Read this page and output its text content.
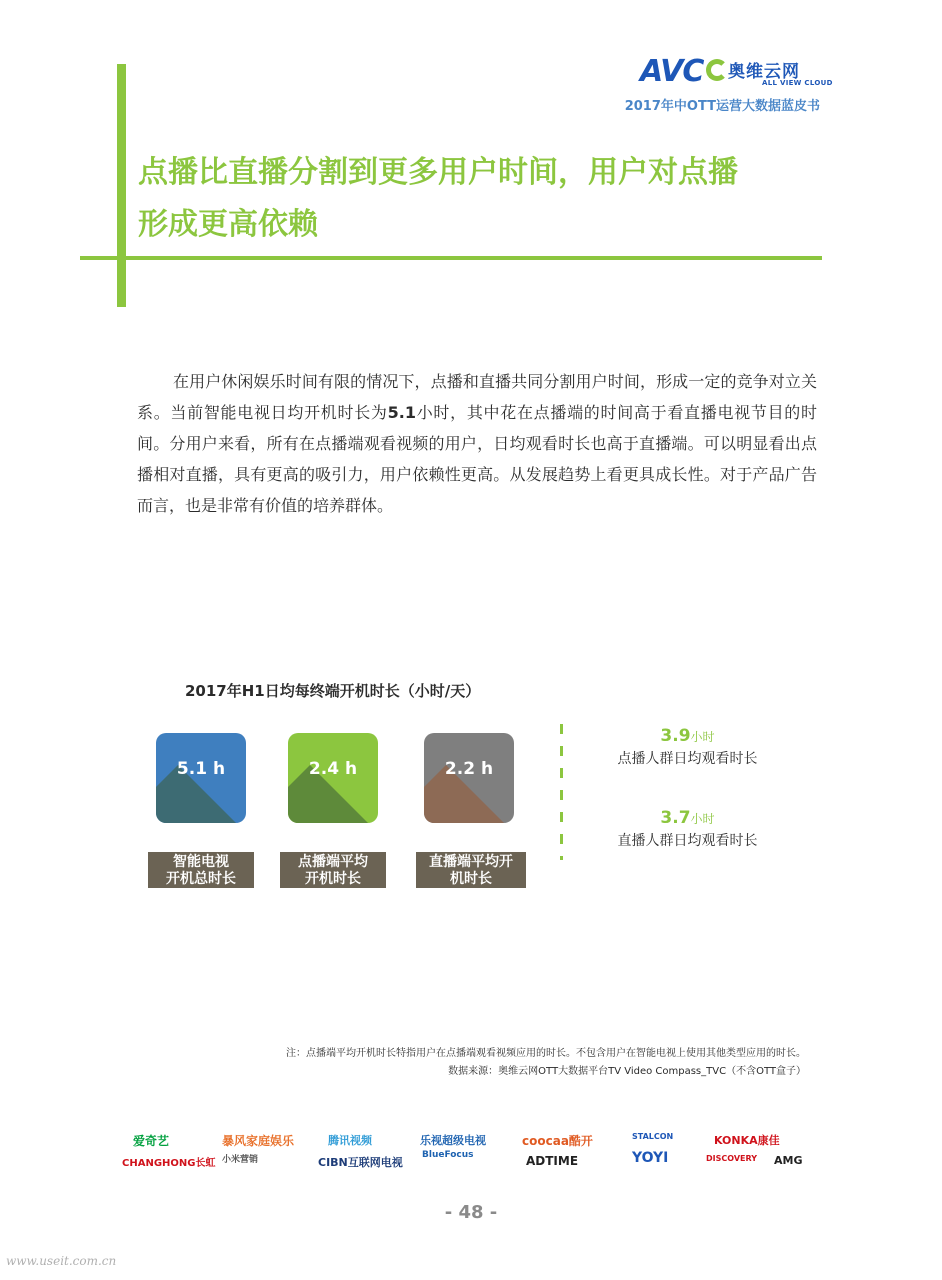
AVC 奥维云网
ALL VIEW CLOUD
2017年中OTT运营大数据蓝皮书
点播比直播分割到更多用户时间，用户对点播
形成更高依赖

在用户休闲娱乐时间有限的情况下，点播和直播共同分割用户时间，形成一定的竞争对立关系。当前智能电视日均开机时长为5.1小时，其中花在点播端的时间高于看直播电视节目的时间。分用户来看，所有在点播端观看视频的用户，日均观看时长也高于直播端。可以明显看出点播相对直播，具有更高的吸引力，用户依赖性更高。从发展趋势上看更具成长性。对于产品广告而言，也是非常有价值的培养群体。

2017年H1日均每终端开机时长（小时/天）
5.1 h
智能电视
开机总时长
2.4 h
点播端平均
开机时长
2.2 h
直播端平均开
机时长
3.9小时
点播人群日均观看时长
3.7小时
直播人群日均观看时长
注：点播端平均开机时长特指用户在点播端观看视频应用的时长。不包含用户在智能电视上使用其他类型应用的时长。
数据来源：奥维云网OTT大数据平台TV Video Compass_TVC（不含OTT盒子）
爱奇艺
CHANGHONG长虹
暴风家庭娱乐
小米营销
腾讯视频
CIBN互联网电视
乐视超级电视
BlueFocus
coocaa酷开
ADTIME
STALCON
YOYI
KONKA康佳
DISCOVERY AMG
- 48 -
www.useit.com.cn
